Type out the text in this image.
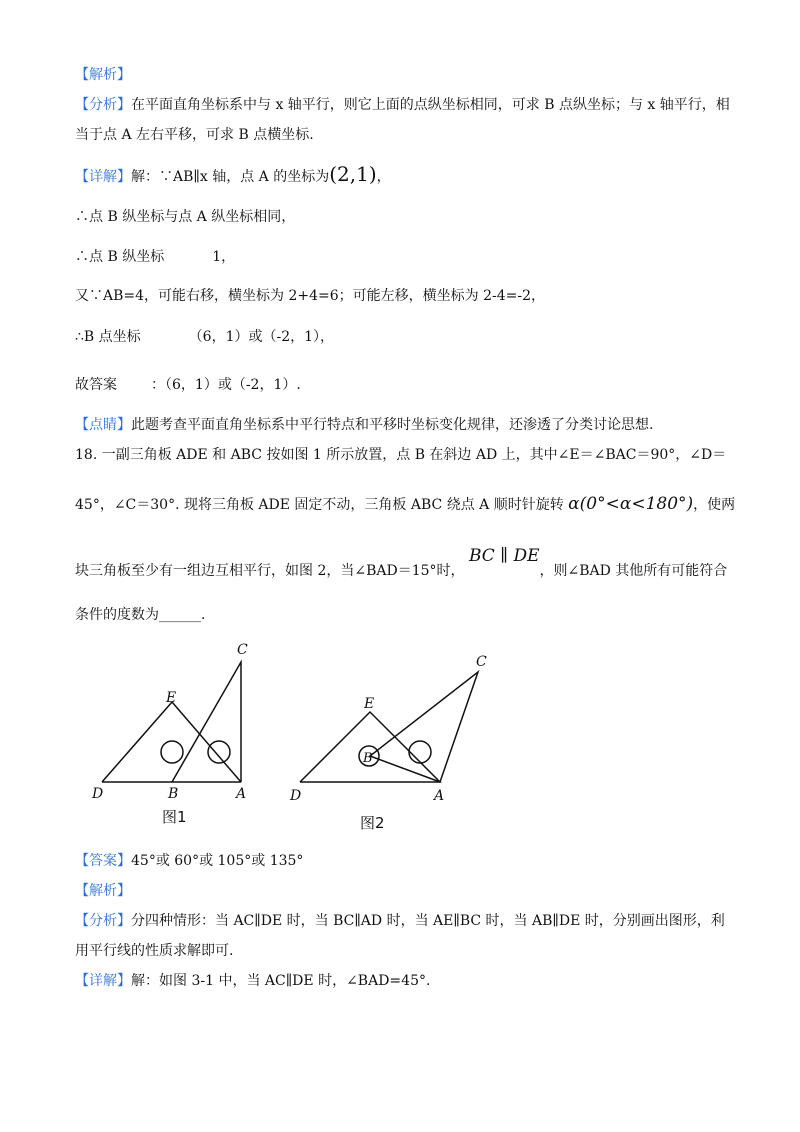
【解析】
【分析】在平面直角坐标系中与 x 轴平行，则它上面的点纵坐标相同，可求 B 点纵坐标；与 x 轴平行，相
当于点 A 左右平移，可求 B 点横坐标.
【详解】解：∵AB∥x 轴，点 A 的坐标为(2,1)，
∴点 B 纵坐标与点 A 纵坐标相同，
∴点 B 纵坐标	1，
又∵AB=4，可能右移，横坐标为 2+4=6；可能左移，横坐标为 2-4=-2，
∴B 点坐标	（6，1）或（-2，1），
故答案 ：（6，1）或（-2，1）.
【点睛】此题考查平面直角坐标系中平行特点和平移时坐标变化规律，还渗透了分类讨论思想.
18. 一副三角板 ADE 和 ABC 按如图 1 所示放置，点 B 在斜边 AD 上，其中∠E＝∠BAC＝90°，∠D＝
45°，∠C＝30°. 现将三角板 ADE 固定不动，三角板 ABC 绕点 A 顺时针旋转 α(0°<α<180°)，使两
块三角板至少有一组边互相平行，如图 2，当∠BAD＝15°时， BC ∥ DE，则∠BAD 其他所有可能符合
条件的度数为______.
C
E
D	B	A
C
E
B
D	A
图1	图2
【答案】45°或 60°或 105°或 135°
【解析】
【分析】分四种情形：当 AC∥DE 时，当 BC∥AD 时，当 AE∥BC 时，当 AB∥DE 时，分别画出图形，利
用平行线的性质求解即可.
【详解】解：如图 3-1 中，当 AC∥DE 时，∠BAD=45°.
